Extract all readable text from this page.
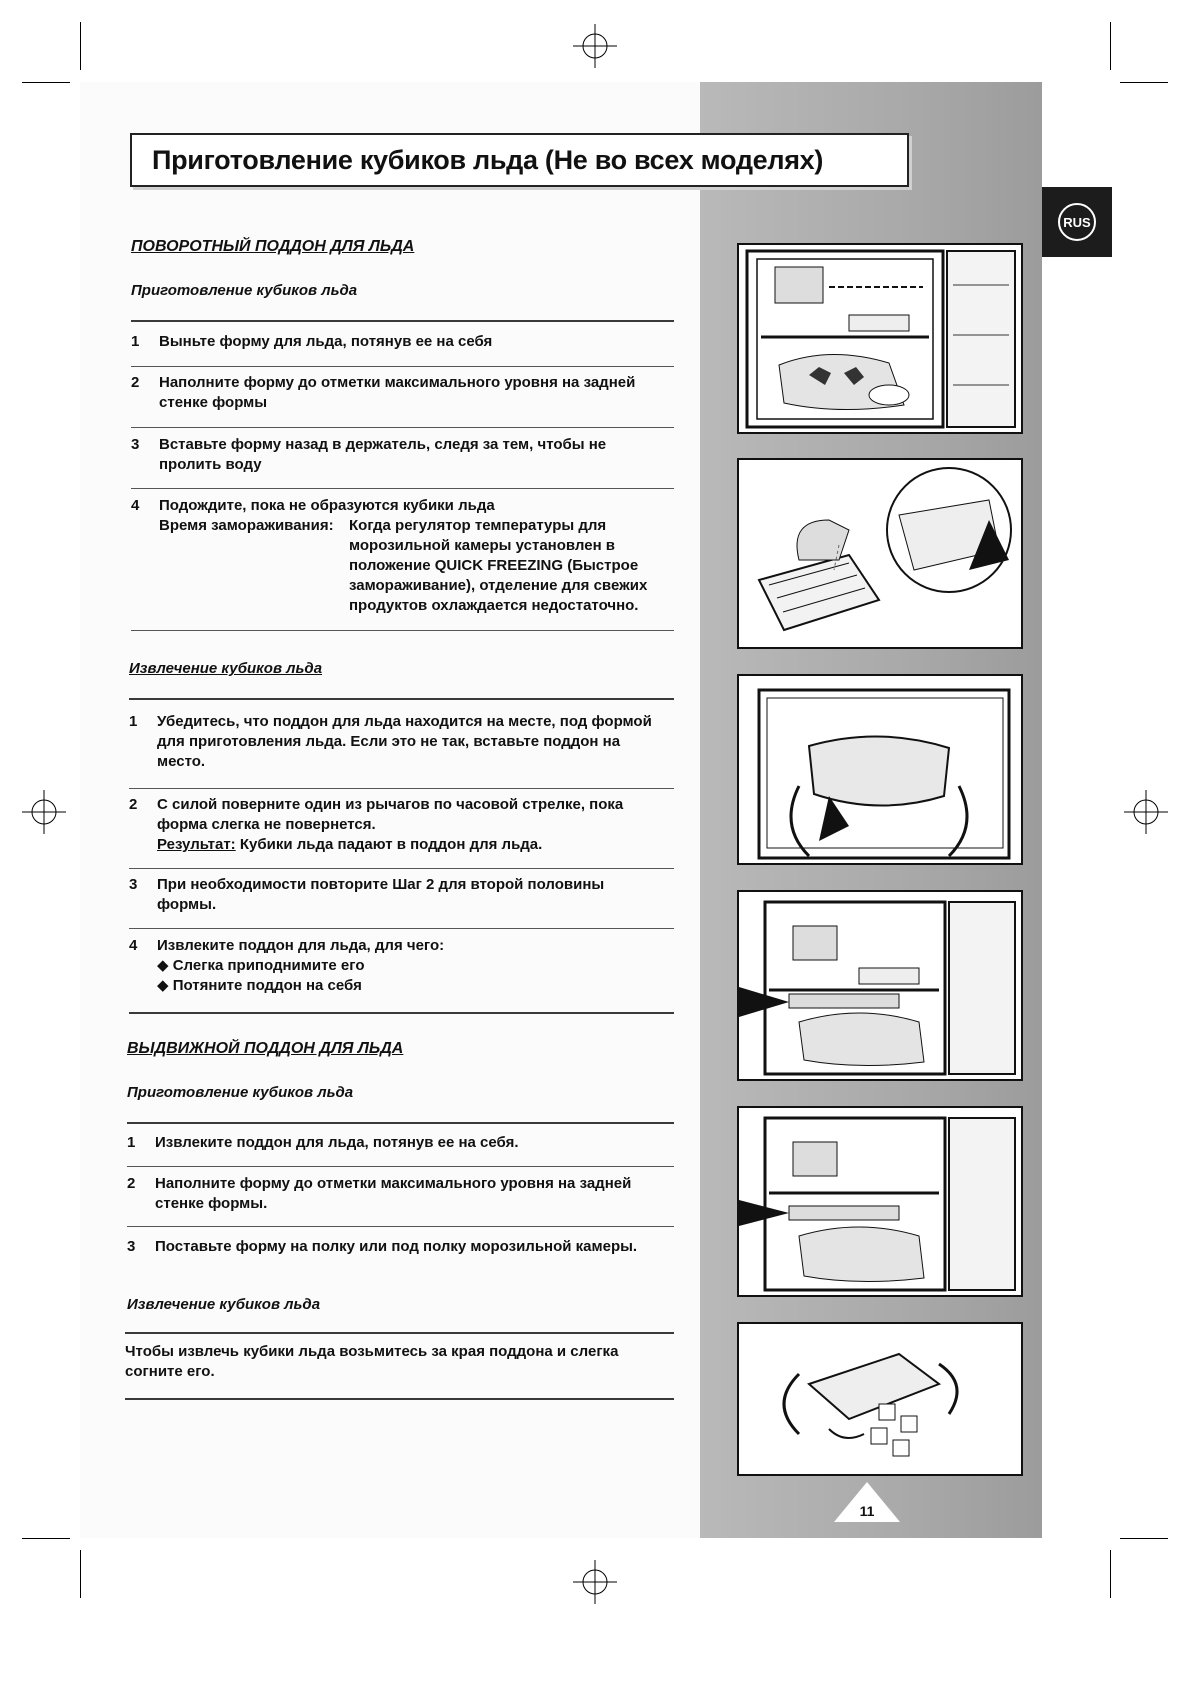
RUS
Приготовление кубиков льда (Не во всех моделях)
ПОВОРОТНЫЙ ПОДДОН ДЛЯ ЛЬДА
Приготовление кубиков льда
1 Выньте форму для льда, потянув ее на себя
2 Наполните форму до отметки максимального уровня на задней
стенке формы
3 Вставьте форму назад в держатель, следя за тем, чтобы не
пролить воду
4 Подождите, пока не образуются кубики льда
Время замораживания:	Когда регулятор температуры для
морозильной камеры установлен в
положение QUICK FREEZING (Быстрое
замораживание), отделение для свежих
продуктов охлаждается недостаточно.
Извлечение кубиков льда
1 Убедитесь, что поддон для льда находится на месте, под формой
для приготовления льда. Если это не так, вставьте поддон на
место.
2 С силой поверните один из рычагов по часовой стрелке, пока
форма слегка не повернется.
Результат: Кубики льда падают в поддон для льда.
3 При необходимости повторите Шаг 2 для второй половины
формы.
4 Извлеките поддон для льда, для чего:
◆ Слегка приподнимите его
◆ Потяните поддон на себя
ВЫДВИЖНОЙ ПОДДОН ДЛЯ ЛЬДА
Приготовление кубиков льда
1 Извлеките поддон для льда, потянув ее на себя.
2 Наполните форму до отметки максимального уровня на задней
стенке формы.
3 Поставьте форму на полку или под полку морозильной камеры.
Извлечение кубиков льда
Чтобы извлечь кубики льда возьмитесь за края поддона и слегка
согните его.
11
